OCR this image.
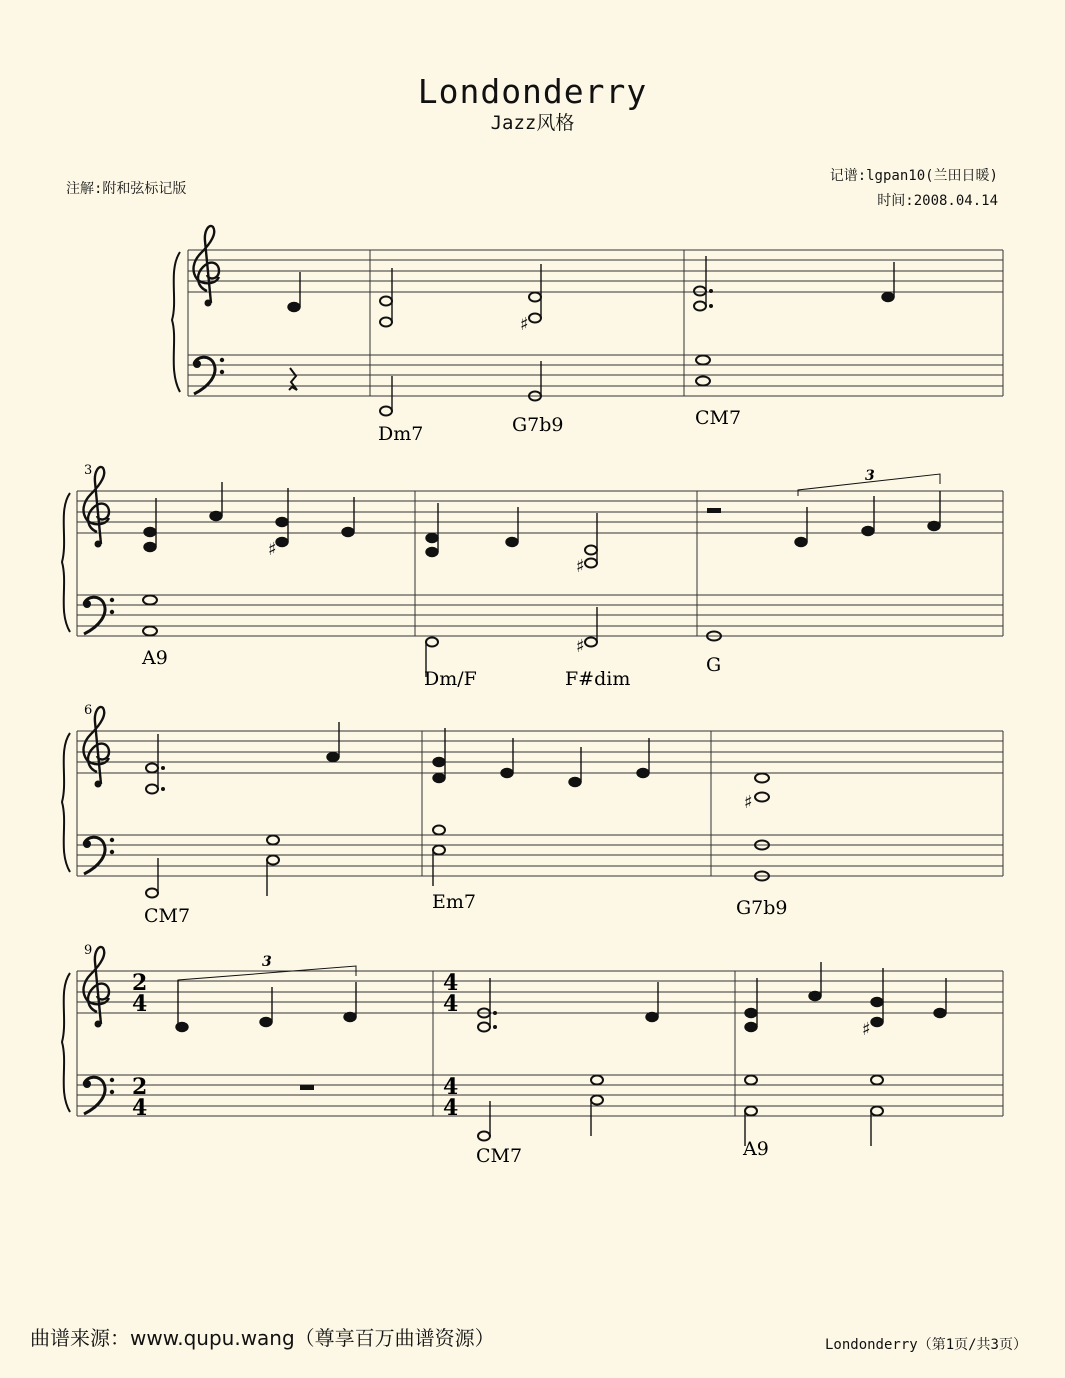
Londonderry
Jazz风格
注解:附和弦标记版
记谱:lgpan10(兰田日暖)
时间:2008.04.14
♯
Dm7	G7b9	CM7
3
♯
♯
3
♯
A9
Dm/F	F#dim
G
6
♯
CM7
Em7	G7b9
9
2
4
2
4
4
4
4
4
♯
3
CM7	A9
曲谱来源：www.qupu.wang（尊享百万曲谱资源）	Londonderry（第1页/共3页）
